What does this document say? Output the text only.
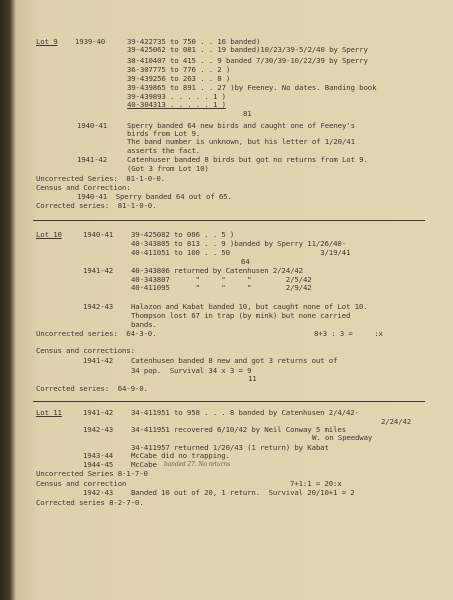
Lot 9 1939-40	39-422735 to 750 . . 16 banded)
39-425062 to 081 . . 19 banded)10/23/39-5/2/40 by Sperry
38-410407 to 415 . . 9 banded 7/30/39-10/22/39 by Sperry
36-307775 to 776 . . 2 )
39-439256 to 263 . . 8 )
39-439865 to 891 . . 27 )by Feeney. No dates. Banding book
39-439893 . . . . . 1 )
40-304313 . . . . . 1 )
81
1940-41	Sperry banded 64 new birds and caught one of Feeney's
birds from Lot 9.
The band number is unknown, but his letter of 1/20/41
asserts the fact.
1941-42	Catenhuser banded 8 birds but got no returns from Lot 9.
(Got 3 from Lot 10)
Uncorrected Series:  81-1-0-0.
Census and Correction:
1940-41  Sperry banded 64 out of 65.
Corrected series:  81-1-0-0.
Lot 10	1940-41 39-425082 to 086 . . 5 )
40-343805 to 813 . . 9 )banded by Sperry 11/26/40-
40-411051 to 100 . . 50                     3/19/41
64
1941-42 40-343806 returned by Catenhusen 2/24/42
40-343807      "     "     "        2/5/42
40-411095      "     "     "        2/9/42
1942-43 Halazon and Kabat banded 10, but caught none of Lot 10.
Thompson lost 67 in trap (by mink) but none carried
bands.
Uncorrected series:  64-3-0.	8+3 : 3 =     :x
Census and corrections:
1941-42 Catenhusen banded 8 new and got 3 returns out of
34 pop.  Survival 34 x 3 = 9
11
Corrected series:  64-9-0.
Lot 11	1941-42 34-411951 to 958 . . . 8 banded by Catenhusen 2/4/42-
2/24/42
1942-43 34-411951 recovered 6/10/42 by Neil Conway 5 miles
W. on Speedway
34-411957 returned 1/20/43 (1 return) by Kabat
1943-44 McCabe did no trapping.
1944-45 McCabe banded 27. No returns
Uncorrected Series 8-1-7-0
Census and correction	7+1:1 = 20:x
1942-43 Banded 10 out of 20, 1 return.  Survival 20/10+1 = 2
Corrected series 8-2-7-0.
